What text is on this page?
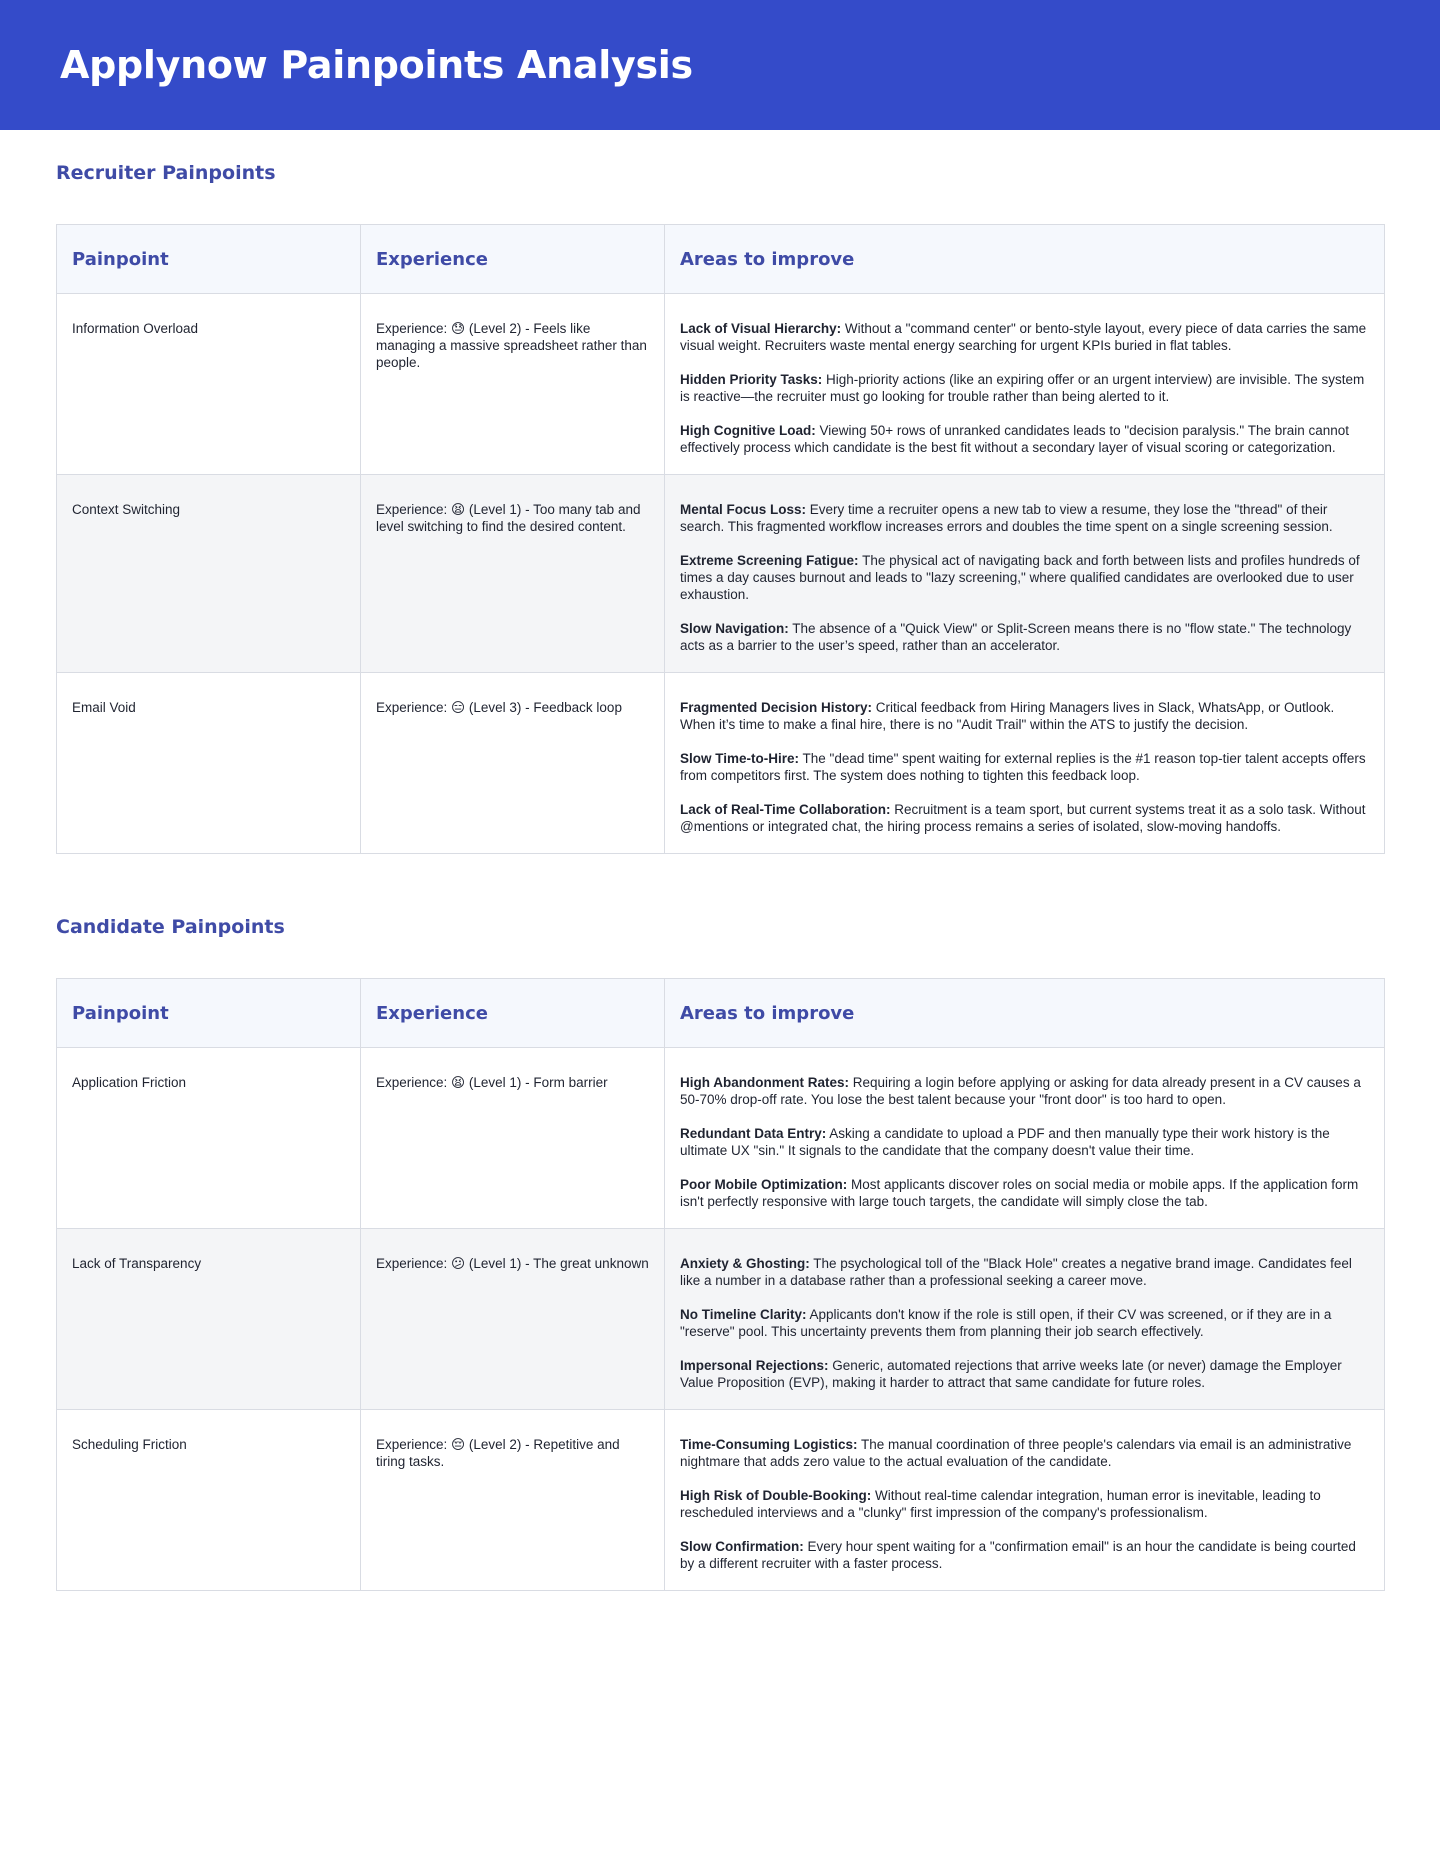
Applynow Painpoints Analysis
Recruiter Painpoints
Painpoint	Experience	Areas to improve
Information Overload	Experience: 😓 (Level 2) - Feels like managing a massive spreadsheet rather than people.	Lack of Visual Hierarchy: Without a "command center" or bento-style layout, every piece of data carries the same visual weight. Recruiters waste mental energy searching for urgent KPIs buried in flat tables.

Hidden Priority Tasks: High-priority actions (like an expiring offer or an urgent interview) are invisible. The system is reactive—the recruiter must go looking for trouble rather than being alerted to it.

High Cognitive Load: Viewing 50+ rows of unranked candidates leads to "decision paralysis." The brain cannot effectively process which candidate is the best fit without a secondary layer of visual scoring or categorization.

Context Switching	Experience: 😫 (Level 1) - Too many tab and level switching to find the desired content.	Mental Focus Loss: Every time a recruiter opens a new tab to view a resume, they lose the "thread" of their search. This fragmented workflow increases errors and doubles the time spent on a single screening session.

Extreme Screening Fatigue: The physical act of navigating back and forth between lists and profiles hundreds of times a day causes burnout and leads to "lazy screening," where qualified candidates are overlooked due to user exhaustion.

Slow Navigation: The absence of a "Quick View" or Split-Screen means there is no "flow state." The technology acts as a barrier to the user’s speed, rather than an accelerator.

Email Void	Experience: 😑 (Level 3) - Feedback loop	Fragmented Decision History: Critical feedback from Hiring Managers lives in Slack, WhatsApp, or Outlook. When it’s time to make a final hire, there is no "Audit Trail" within the ATS to justify the decision.

Slow Time-to-Hire: The "dead time" spent waiting for external replies is the #1 reason top-tier talent accepts offers from competitors first. The system does nothing to tighten this feedback loop.

Lack of Real-Time Collaboration: Recruitment is a team sport, but current systems treat it as a solo task. Without @mentions or integrated chat, the hiring process remains a series of isolated, slow-moving handoffs.

Candidate Painpoints
Painpoint	Experience	Areas to improve
Application Friction	Experience: 😫 (Level 1) - Form barrier	High Abandonment Rates: Requiring a login before applying or asking for data already present in a CV causes a 50-70% drop-off rate. You lose the best talent because your "front door" is too hard to open.

Redundant Data Entry: Asking a candidate to upload a PDF and then manually type their work history is the ultimate UX "sin." It signals to the candidate that the company doesn't value their time.

Poor Mobile Optimization: Most applicants discover roles on social media or mobile apps. If the application form isn't perfectly responsive with large touch targets, the candidate will simply close the tab.

Lack of Transparency	Experience: 😕 (Level 1) - The great unknown	Anxiety & Ghosting: The psychological toll of the "Black Hole" creates a negative brand image. Candidates feel like a number in a database rather than a professional seeking a career move.

No Timeline Clarity: Applicants don't know if the role is still open, if their CV was screened, or if they are in a "reserve" pool. This uncertainty prevents them from planning their job search effectively.

Impersonal Rejections: Generic, automated rejections that arrive weeks late (or never) damage the Employer Value Proposition (EVP), making it harder to attract that same candidate for future roles.

Scheduling Friction	Experience: 😔 (Level 2) - Repetitive and tiring tasks.	Time-Consuming Logistics: The manual coordination of three people's calendars via email is an administrative nightmare that adds zero value to the actual evaluation of the candidate.

High Risk of Double-Booking: Without real-time calendar integration, human error is inevitable, leading to rescheduled interviews and a "clunky" first impression of the company's professionalism.

Slow Confirmation: Every hour spent waiting for a "confirmation email" is an hour the candidate is being courted by a different recruiter with a faster process.
